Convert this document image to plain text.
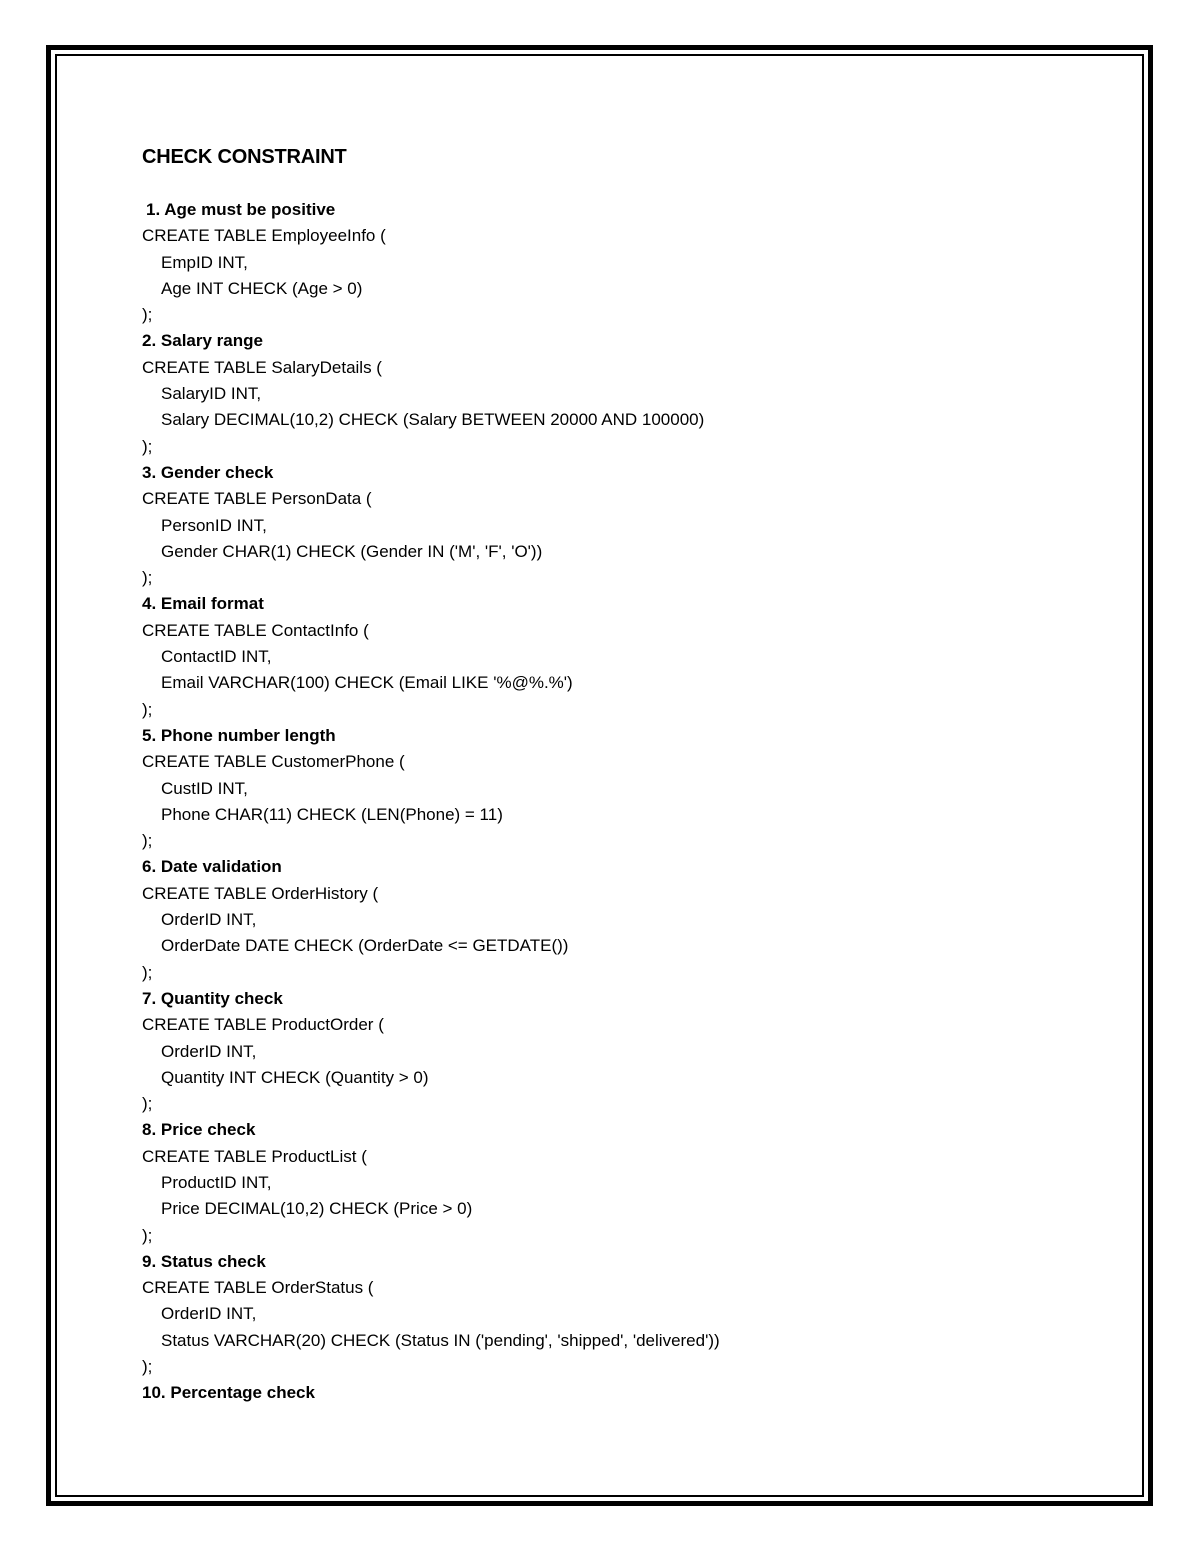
CHECK CONSTRAINT
1. Age must be positive
CREATE TABLE EmployeeInfo (
EmpID INT,
Age INT CHECK (Age > 0)
);
2. Salary range
CREATE TABLE SalaryDetails (
SalaryID INT,
Salary DECIMAL(10,2) CHECK (Salary BETWEEN 20000 AND 100000)
);
3. Gender check
CREATE TABLE PersonData (
PersonID INT,
Gender CHAR(1) CHECK (Gender IN ('M', 'F', 'O'))
);
4. Email format
CREATE TABLE ContactInfo (
ContactID INT,
Email VARCHAR(100) CHECK (Email LIKE '%@%.%')
);
5. Phone number length
CREATE TABLE CustomerPhone (
CustID INT,
Phone CHAR(11) CHECK (LEN(Phone) = 11)
);
6. Date validation
CREATE TABLE OrderHistory (
OrderID INT,
OrderDate DATE CHECK (OrderDate <= GETDATE())
);
7. Quantity check
CREATE TABLE ProductOrder (
OrderID INT,
Quantity INT CHECK (Quantity > 0)
);
8. Price check
CREATE TABLE ProductList (
ProductID INT,
Price DECIMAL(10,2) CHECK (Price > 0)
);
9. Status check
CREATE TABLE OrderStatus (
OrderID INT,
Status VARCHAR(20) CHECK (Status IN ('pending', 'shipped', 'delivered'))
);
10. Percentage check
